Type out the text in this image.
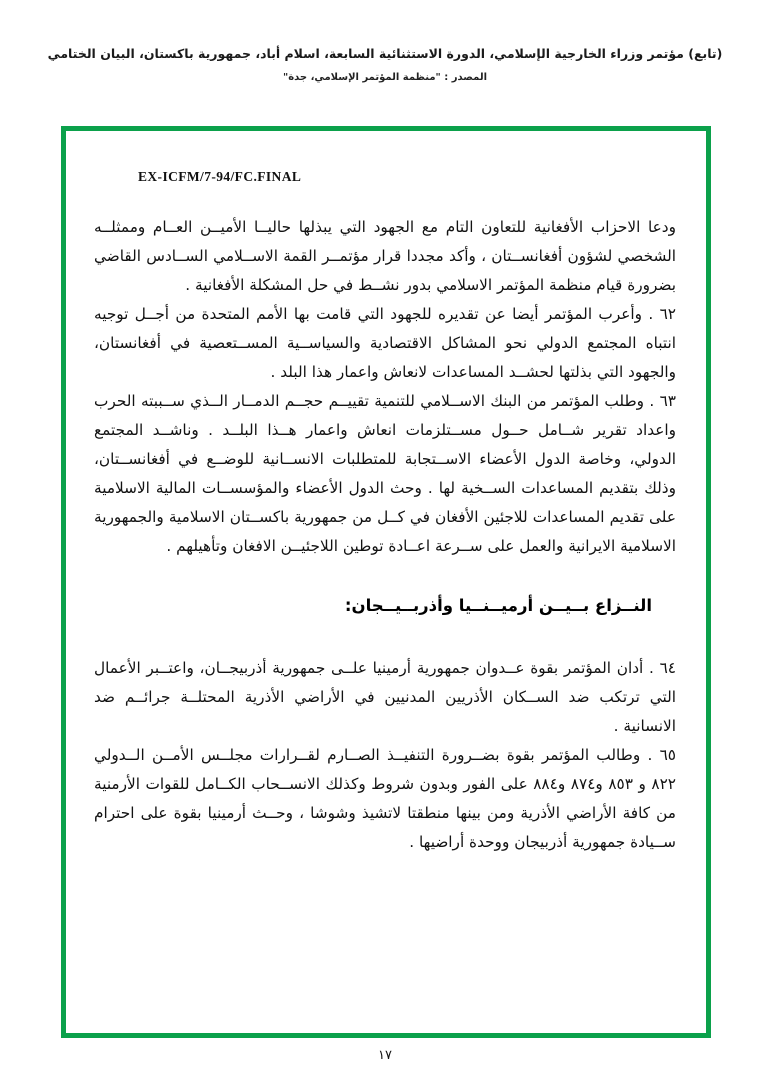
(تابع) مؤتمر وزراء الخارجية الإسلامي، الدورة الاستثنائية السابعة، اسلام أباد، جمهورية باكستان، البيان الختامي
المصدر : "منظمة المؤتمر الإسلامي، جدة"
EX-ICFM/7-94/FC.FINAL

ودعا الاحزاب الأفغانية للتعاون التام مع الجهود التي يبذلها حاليــا الأميــن العــام وممثلــه الشخصي لشؤون أفغانســتان ، وأكد مجددا قرار مؤتمــر القمة الاســلامي الســادس القاضي بضرورة قيام منظمة المؤتمر الاسلامي بدور نشــط في حل المشكلة الأفغانية .

٦٢ . وأعرب المؤتمر أيضا عن تقديره للجهود التي قامت بها الأمم المتحدة من أجــل توجيه انتباه المجتمع الدولي نحو المشاكل الاقتصادية والسياســية المســتعصية في أفغانستان، والجهود التي بذلتها لحشــد المساعدات لانعاش واعمار هذا البلد .

٦٣ . وطلب المؤتمر من البنك الاســلامي للتنمية تقييــم حجــم الدمــار الــذي ســببته الحرب واعداد تقرير شــامل حــول مســتلزمات انعاش واعمار هــذا البلــد . وناشــد المجتمع الدولي، وخاصة الدول الأعضاء الاســتجابة للمتطلبات الانســانية للوضــع في أفغانســتان، وذلك بتقديم المساعدات الســخية لها . وحث الدول الأعضاء والمؤسســات المالية الاسلامية على تقديم المساعدات للاجئين الأفغان في كــل من جمهورية باكســتان الاسلامية والجمهورية الاسلامية الايرانية والعمل على ســرعة اعــادة توطين اللاجئيــن الافغان وتأهيلهم .

النــزاع بــيــن أرميــنــيا وأذربــيــجان:

٦٤ . أدان المؤتمر بقوة عــدوان جمهورية أرمينيا علــى جمهورية أذربيجــان، واعتــبر الأعمال التي ترتكب ضد الســكان الأذريين المدنيين في الأراضي الأذرية المحتلــة جرائــم ضد الانسانية .

٦٥ . وطالب المؤتمر بقوة بضــرورة التنفيــذ الصــارم لقــرارات مجلــس الأمــن الــدولي ٨٢٢ و ٨٥٣ و٨٧٤ و٨٨٤ على الفور وبدون شروط وكذلك الانســحاب الكــامل للقوات الأرمنية من كافة الأراضي الأذرية ومن بينها منطقتا لاتشيذ وشوشا ، وحــث أرمينيا بقوة على احترام ســيادة جمهورية أذربيجان ووحدة أراضيها .

١٧
